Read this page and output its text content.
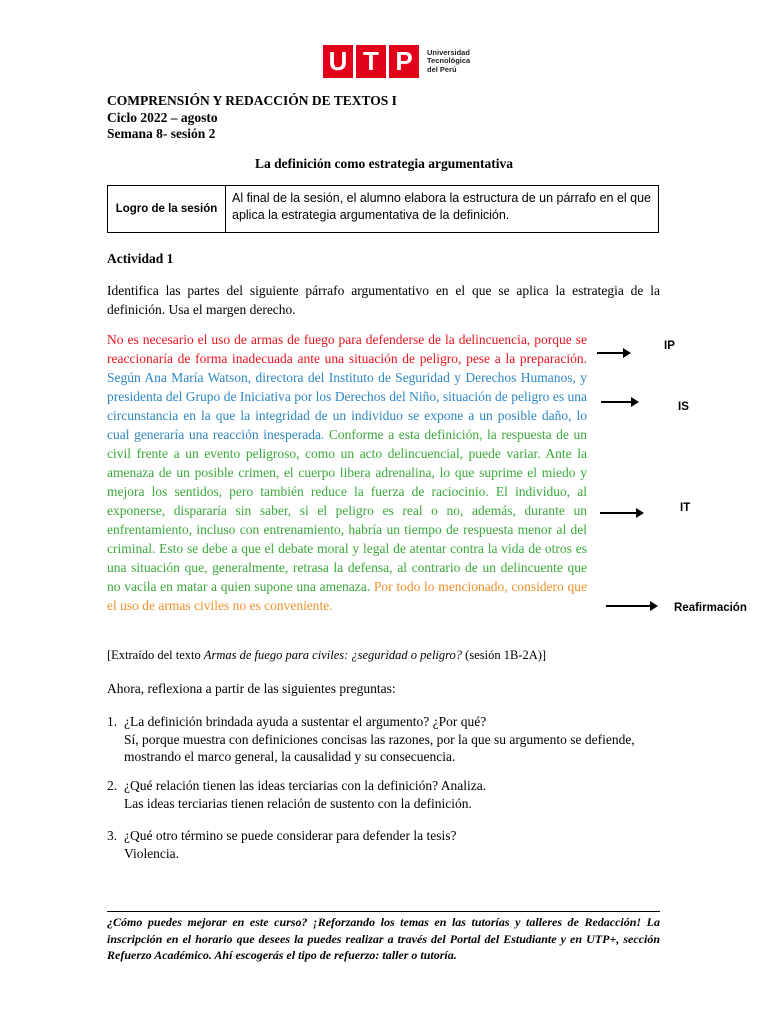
U T P	Universidad
Tecnológica
del Perú
COMPRENSIÓN Y REDACCIÓN DE TEXTOS I
Ciclo 2022 – agosto
Semana 8- sesión 2
La definición como estrategia argumentativa
Logro de la sesión
Al final de la sesión, el alumno elabora la estructura de un párrafo en el que aplica la estrategia argumentativa de la definición.
Actividad 1
Identifica las partes del siguiente párrafo argumentativo en el que se aplica la estrategia de la definición. Usa el margen derecho.
No es necesario el uso de armas de fuego para defenderse de la delincuencia, porque se reaccionaría de forma inadecuada ante una situación de peligro, pese a la preparación. Según Ana María Watson, directora del Instituto de Seguridad y Derechos Humanos, y presidenta del Grupo de Iniciativa por los Derechos del Niño, situación de peligro es una circunstancia en la que la integridad de un individuo se expone a un posible daño, lo cual generaría una reacción inesperada. Conforme a esta definición, la respuesta de un civil frente a un evento peligroso, como un acto delincuencial, puede variar. Ante la amenaza de un posible crimen, el cuerpo libera adrenalina, lo que suprime el miedo y mejora los sentidos, pero también reduce la fuerza de raciocinio. El individuo, al exponerse, dispararía sin saber, si el peligro es real o no, además, durante un enfrentamiento, incluso con entrenamiento, habría un tiempo de respuesta menor al del criminal. Esto se debe a que el debate moral y legal de atentar contra la vida de otros es una situación que, generalmente, retrasa la defensa, al contrario de un delincuente que no vacila en matar a quien supone una amenaza. Por todo lo mencionado, considero que el uso de armas civiles no es conveniente.
IP
IS
IT
Reafirmación
[Extraído del texto Armas de fuego para civiles: ¿seguridad o peligro? (sesión 1B-2A)]
Ahora, reflexiona a partir de las siguientes preguntas:
1. ¿La definición brindada ayuda a sustentar el argumento? ¿Por qué?
Sí, porque muestra con definiciones concisas las razones, por la que su argumento se defiende, mostrando el marco general, la causalidad y su consecuencia.
2. ¿Qué relación tienen las ideas terciarias con la definición? Analiza.
Las ideas terciarias tienen relación de sustento con la definición.
3. ¿Qué otro término se puede considerar para defender la tesis?
Violencia.
¿Cómo puedes mejorar en este curso? ¡Reforzando los temas en las tutorías y talleres de Redacción! La inscripción en el horario que desees la puedes realizar a través del Portal del Estudiante y en UTP+, sección Refuerzo Académico. Ahí escogerás el tipo de refuerzo: taller o tutoría.
